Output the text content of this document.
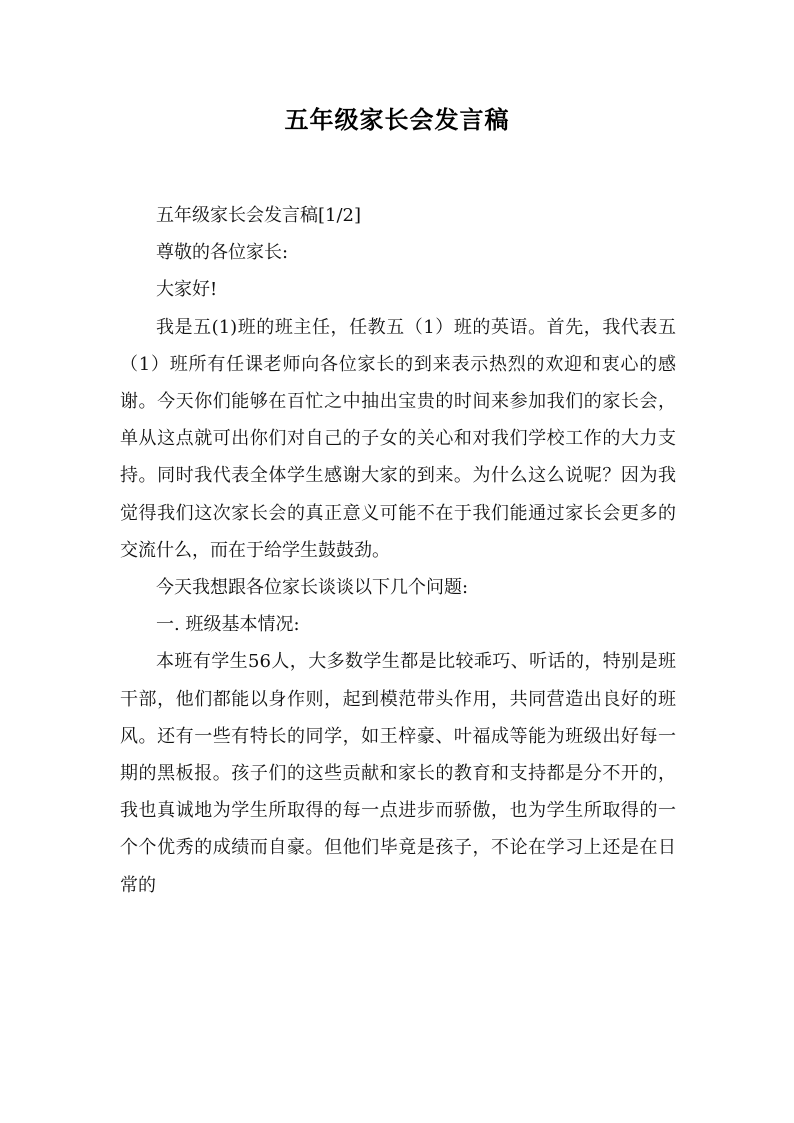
五年级家长会发言稿

五年级家长会发言稿[1/2]

尊敬的各位家长:

大家好!

我是五(1)班的班主任，任教五（1）班的英语。首先，我代表五（1）班所有任课老师向各位家长的到来表示热烈的欢迎和衷心的感谢。今天你们能够在百忙之中抽出宝贵的时间来参加我们的家长会，单从这点就可出你们对自己的子女的关心和对我们学校工作的大力支持。同时我代表全体学生感谢大家的到来。为什么这么说呢？因为我觉得我们这次家长会的真正意义可能不在于我们能通过家长会更多的交流什么，而在于给学生鼓鼓劲。

今天我想跟各位家长谈谈以下几个问题:

一. 班级基本情况:

本班有学生56人，大多数学生都是比较乖巧、听话的，特别是班干部，他们都能以身作则，起到模范带头作用，共同营造出良好的班风。还有一些有特长的同学，如王梓豪、叶福成等能为班级出好每一期的黑板报。孩子们的这些贡献和家长的教育和支持都是分不开的，我也真诚地为学生所取得的每一点进步而骄傲，也为学生所取得的一个个优秀的成绩而自豪。但他们毕竟是孩子，不论在学习上还是在日常的
